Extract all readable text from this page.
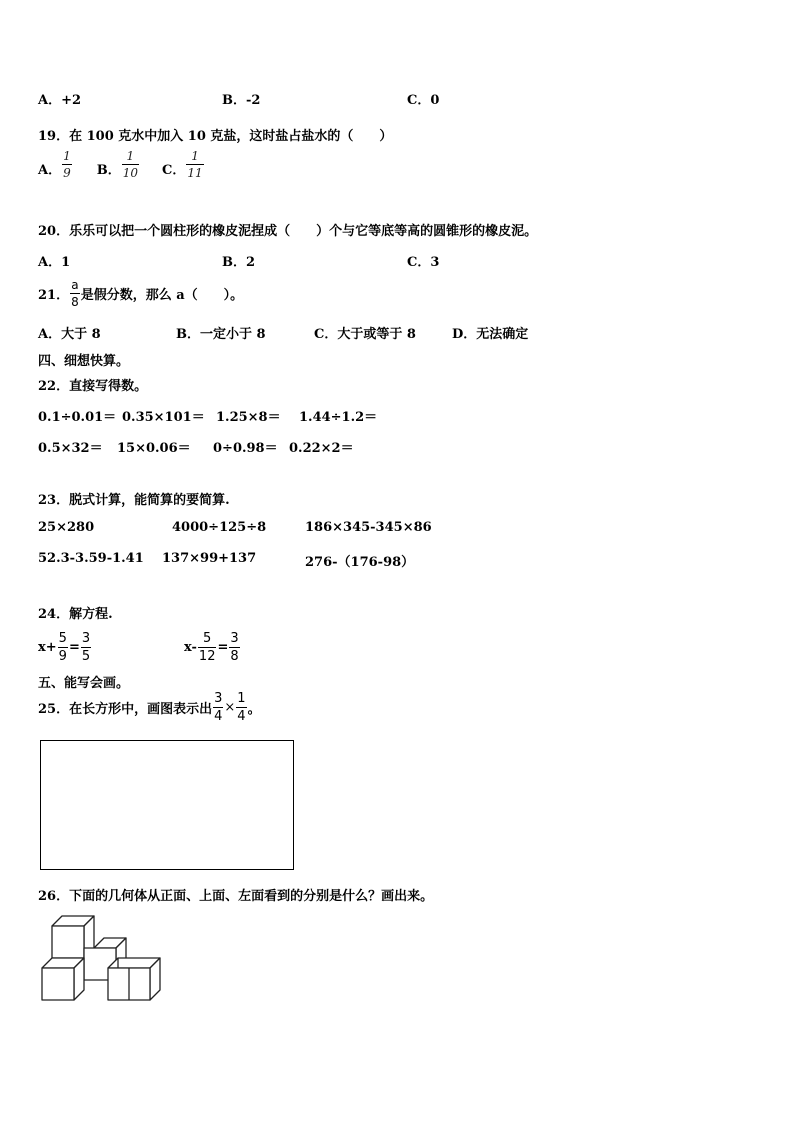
A．+2	B．-2	C．0
19．在 100 克水中加入 10 克盐，这时盐占盐水的（　　）
A． $\frac{1}{9}$ B． $\frac{1}{10}$ C． $\frac{1}{11}$
20．乐乐可以把一个圆柱形的橡皮泥捏成（　　）个与它等底等高的圆锥形的橡皮泥。
A．1	B．2	C．3
21． $\frac{a}{8}$ 是假分数，那么 a（　　）。
A．大于 8	B．一定小于 8	C．大于或等于 8	D．无法确定
四、细想快算。
22．直接写得数。
0.1÷0.01＝ 0.35×101＝ 1.25×8＝ 1.44÷1.2＝
0.5×32＝ 15×0.06＝ 0÷0.98＝ 0.22×2＝
23．脱式计算，能简算的要简算.
25×280	4000÷125÷8	186×345-345×86
52.3-3.59-1.41 137×99+137	276-（176-98）
24．解方程.
$x+ \frac{5}{9} = \frac{3}{5}$	$x- \frac{5}{12} = \frac{3}{8}$
五、能写会画。
25．在长方形中，画图表示出 $\frac{3}{4} \times \frac{1}{4}$ 。
26．下面的几何体从正面、上面、左面看到的分别是什么？画出来。
